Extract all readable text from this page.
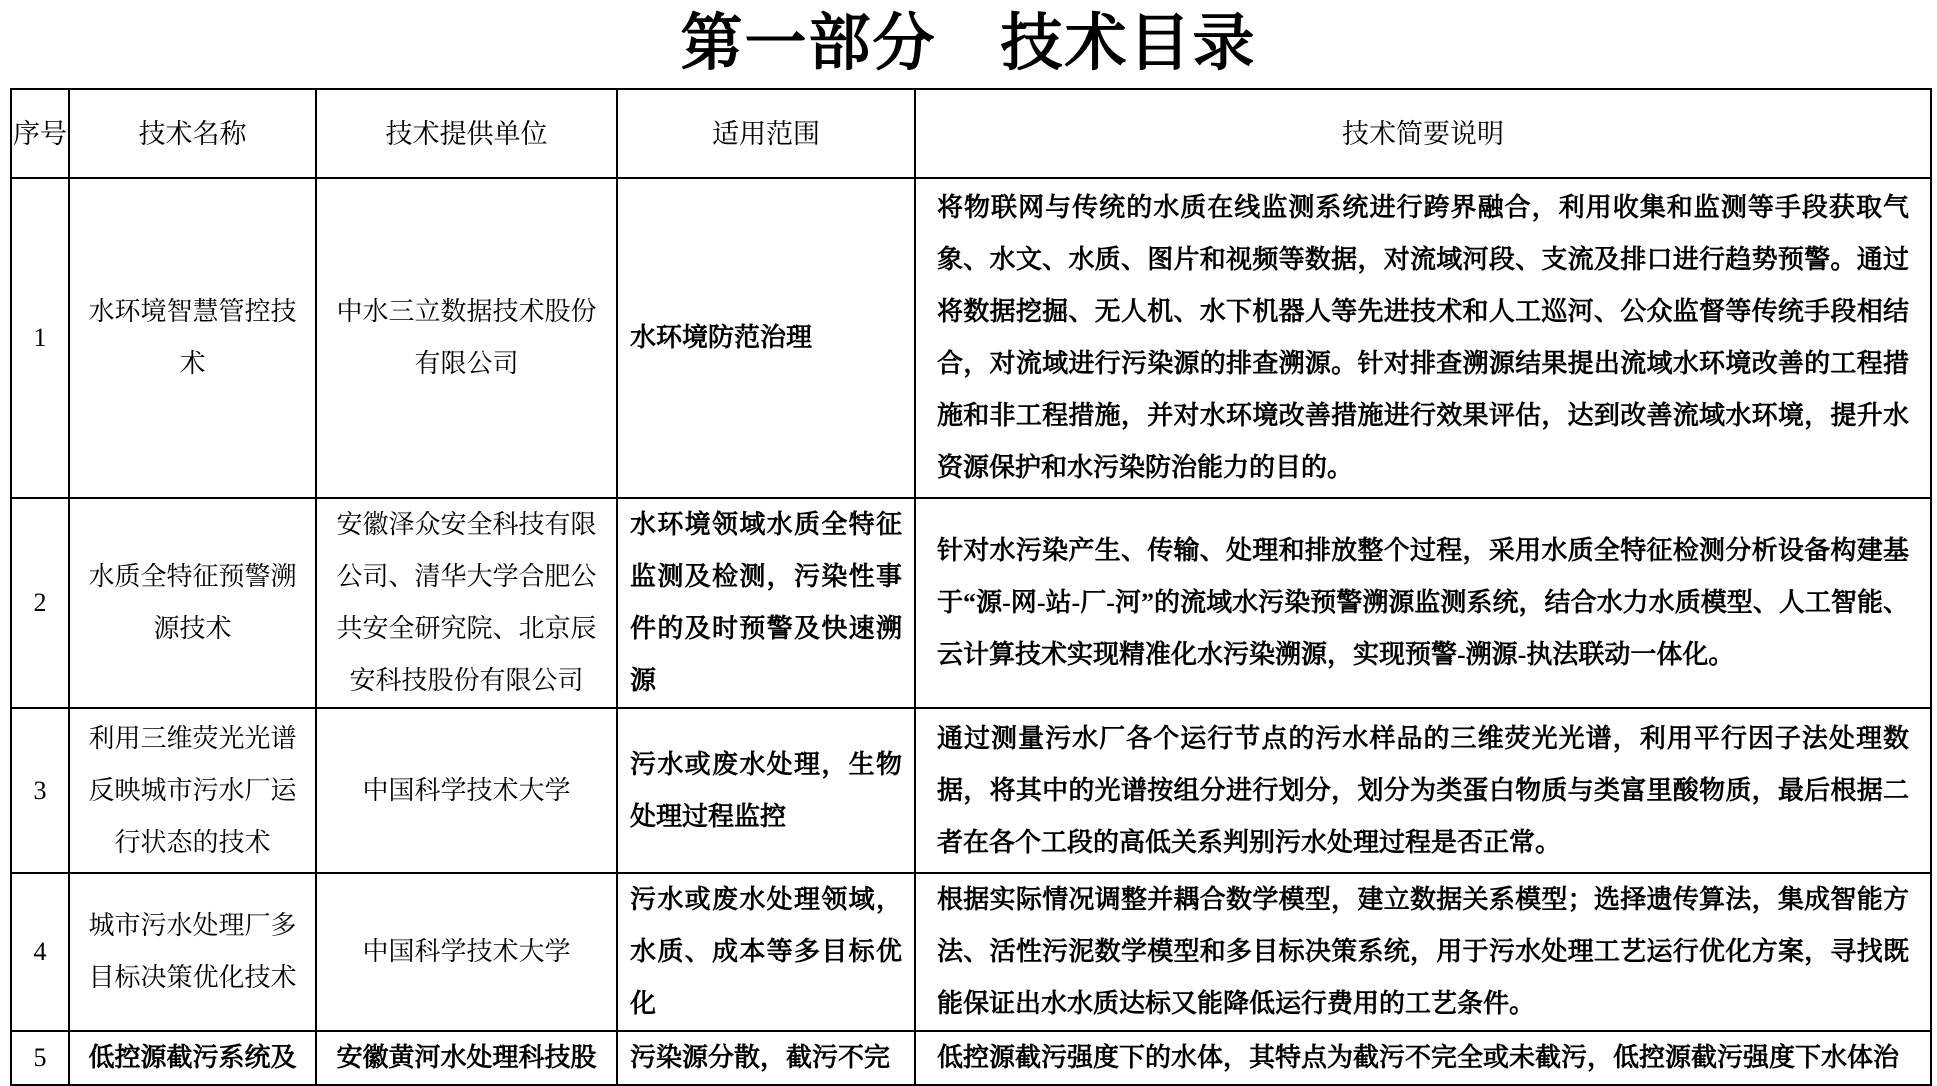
第一部分　技术目录
序号	技术名称	技术提供单位	适用范围	技术简要说明
1	水环境智慧管控技术	中水三立数据技术股份有限公司	水环境防范治理	将物联网与传统的水质在线监测系统进行跨界融合，利用收集和监测等手段获取气象、水文、水质、图片和视频等数据，对流域河段、支流及排口进行趋势预警。通过将数据挖掘、无人机、水下机器人等先进技术和人工巡河、公众监督等传统手段相结合，对流域进行污染源的排查溯源。针对排查溯源结果提出流域水环境改善的工程措施和非工程措施，并对水环境改善措施进行效果评估，达到改善流域水环境，提升水资源保护和水污染防治能力的目的。
2	水质全特征预警溯源技术	安徽泽众安全科技有限公司、清华大学合肥公共安全研究院、北京辰安科技股份有限公司	水环境领域水质全特征监测及检测，污染性事件的及时预警及快速溯源	针对水污染产生、传输、处理和排放整个过程，采用水质全特征检测分析设备构建基于“源-网-站-厂-河”的流域水污染预警溯源监测系统，结合水力水质模型、人工智能、云计算技术实现精准化水污染溯源，实现预警-溯源-执法联动一体化。
3	利用三维荧光光谱反映城市污水厂运行状态的技术	中国科学技术大学	污水或废水处理，生物处理过程监控	通过测量污水厂各个运行节点的污水样品的三维荧光光谱，利用平行因子法处理数据，将其中的光谱按组分进行划分，划分为类蛋白物质与类富里酸物质，最后根据二者在各个工段的高低关系判别污水处理过程是否正常。
4	城市污水处理厂多目标决策优化技术	中国科学技术大学	污水或废水处理领域，水质、成本等多目标优化	根据实际情况调整并耦合数学模型，建立数据关系模型；选择遗传算法，集成智能方法、活性污泥数学模型和多目标决策系统，用于污水处理工艺运行优化方案，寻找既能保证出水水质达标又能降低运行费用的工艺条件。
5	低控源截污系统及	安徽黄河水处理科技股	污染源分散，截污不完	低控源截污强度下的水体，其特点为截污不完全或未截污，低控源截污强度下水体治
